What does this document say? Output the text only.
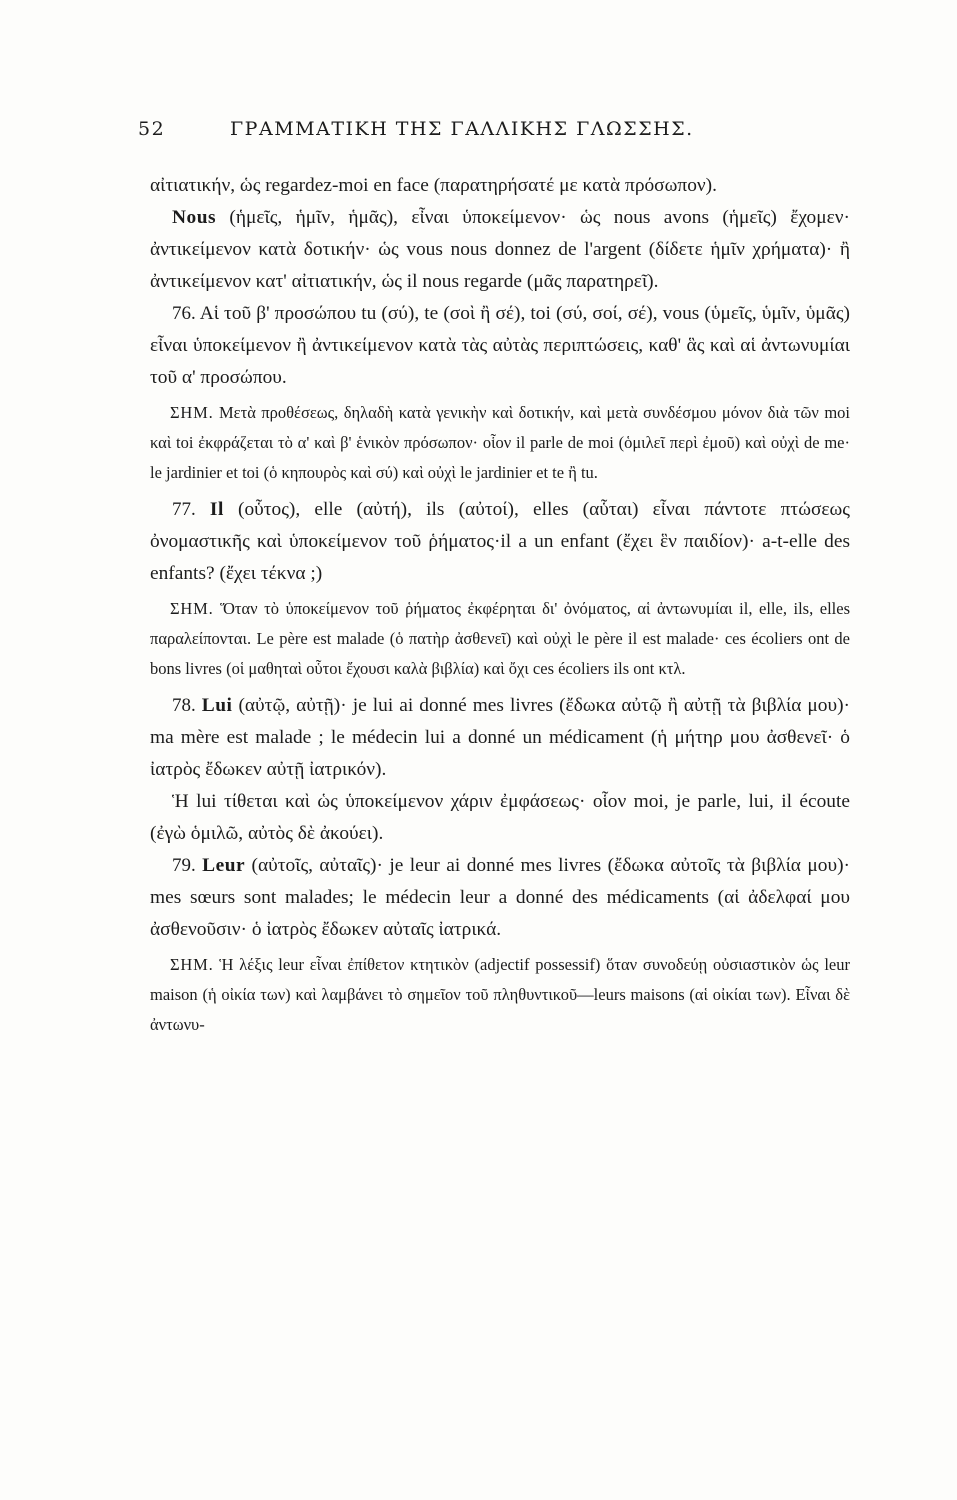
52	ΓΡΑΜΜΑΤΙΚΗ ΤΗΣ ΓΑΛΛΙΚΗΣ ΓΛΩΣΣΗΣ.

αἰτιατικήν, ὡς regardez-moi en face (παρατηρήσατέ με κατὰ πρόσωπον).

Nous (ἡμεῖς, ἡμῖν, ἡμᾶς), εἶναι ὑποκείμενον· ὡς nous avons (ἡμεῖς) ἔχομεν· ἀντικείμενον κατὰ δοτικήν· ὡς vous nous donnez de l'argent (δίδετε ἡμῖν χρήματα)· ἢ ἀντικείμενον κατ' αἰτιατικήν, ὡς il nous regarde (μᾶς παρατηρεῖ).

76. Αἱ τοῦ β' προσώπου tu (σύ), te (σοὶ ἢ σέ), toi (σύ, σοί, σέ), vous (ὑμεῖς, ὑμῖν, ὑμᾶς) εἶναι ὑποκείμενον ἢ ἀντικείμενον κατὰ τὰς αὐτὰς περιπτώσεις, καθ' ἃς καὶ αἱ ἀντωνυμίαι τοῦ α' προσώπου.

ΣΗΜ. Μετὰ προθέσεως, δηλαδὴ κατὰ γενικὴν καὶ δοτικήν, καὶ μετὰ συνδέσμου μόνον διὰ τῶν moi καὶ toi ἐκφράζεται τὸ α' καὶ β' ἑνικὸν πρόσωπον· οἷον il parle de moi (ὁμιλεῖ περὶ ἐμοῦ) καὶ οὐχὶ de me· le jardinier et toi (ὁ κηπουρὸς καὶ σύ) καὶ οὐχὶ le jardinier et te ἢ tu.

77. Il (οὗτος), elle (αὐτή), ils (αὐτοί), elles (αὗται) εἶναι πάντοτε πτώσεως ὀνομαστικῆς καὶ ὑποκείμενον τοῦ ῥήματος·il a un enfant (ἔχει ἓν παιδίον)· a-t-elle des enfants? (ἔχει τέκνα ;)

ΣΗΜ. Ὅταν τὸ ὑποκείμενον τοῦ ῥήματος ἐκφέρηται δι' ὀνόματος, αἱ ἀντωνυμίαι il, elle, ils, elles παραλείπονται. Le père est malade (ὁ πατὴρ ἀσθενεῖ) καὶ οὐχὶ le père il est malade· ces écoliers ont de bons livres (οἱ μαθηταὶ οὗτοι ἔχουσι καλὰ βιβλία) καὶ ὄχι ces écoliers ils ont κτλ.

78. Lui (αὐτῷ, αὐτῇ)· je lui ai donné mes livres (ἔδωκα αὐτῷ ἢ αὐτῇ τὰ βιβλία μου)· ma mère est malade ; le médecin lui a donné un médicament (ἡ μήτηρ μου ἀσθενεῖ· ὁ ἰατρὸς ἔδωκεν αὐτῇ ἰατρικόν).

Ἡ lui τίθεται καὶ ὡς ὑποκείμενον χάριν ἐμφάσεως· οἷον moi, je parle, lui, il écoute (ἐγὼ ὁμιλῶ, αὐτὸς δὲ ἀκούει).

79. Leur (αὐτοῖς, αὐταῖς)· je leur ai donné mes livres (ἔδωκα αὐτοῖς τὰ βιβλία μου)· mes sœurs sont malades; le médecin leur a donné des médicaments (αἱ ἀδελφαί μου ἀσθενοῦσιν· ὁ ἰατρὸς ἔδωκεν αὐταῖς ἰατρικά.

ΣΗΜ. Ἡ λέξις leur εἶναι ἐπίθετον κτητικὸν (adjectif possessif) ὅταν συνοδεύῃ οὐσιαστικὸν ὡς leur maison (ἡ οἰκία των) καὶ λαμβάνει τὸ σημεῖον τοῦ πληθυντικοῦ—leurs maisons (αἱ οἰκίαι των). Εἶναι δὲ ἀντωνυ-
